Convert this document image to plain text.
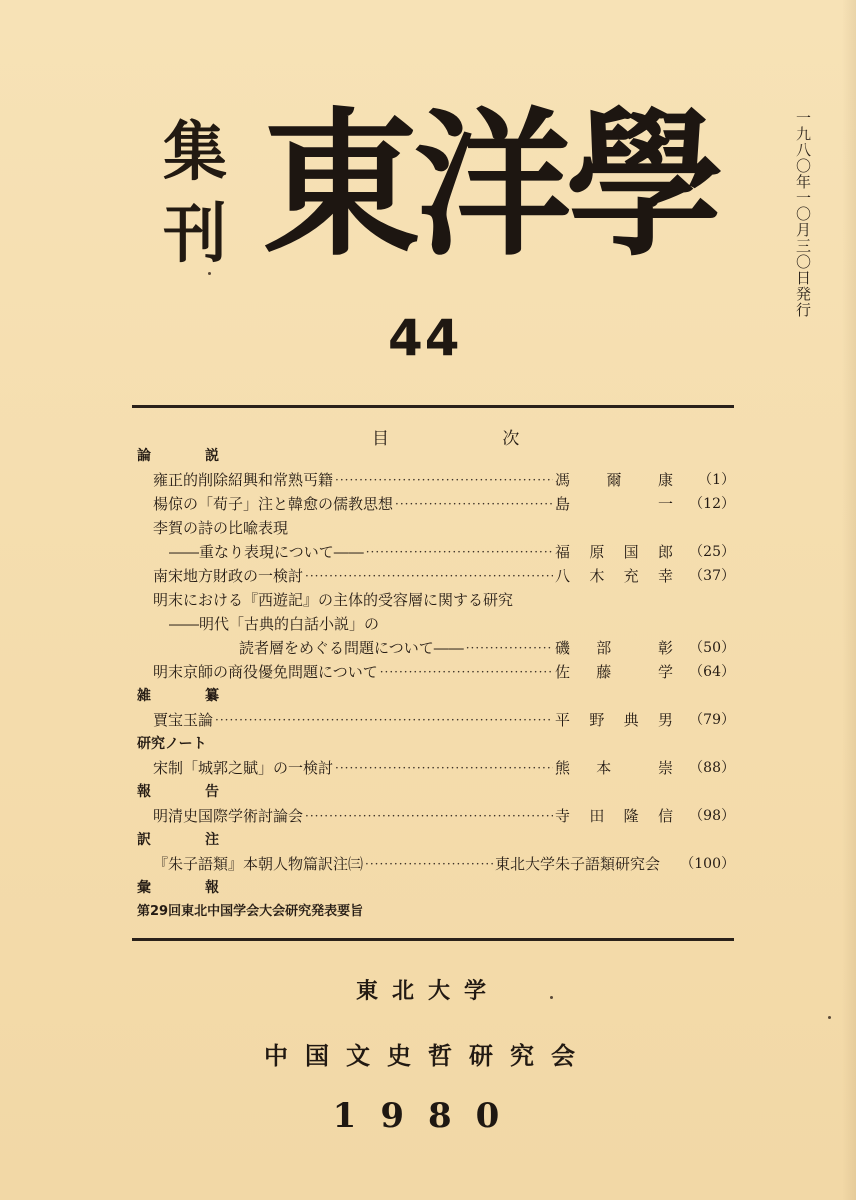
集
刊 東洋學	一九八〇年一〇月三〇日発行
44
目	次
論　説
雍正的削除紹興和常熟丐籍 ·····	馮　爾　康	（1）
楊倞の「荀子」注と韓愈の儒教思想 ·····	島　　　一	（12）
李賀の詩の比喩表現
――重なり表現について―― ·····	福原国郎	（25）
南宋地方財政の一検討 ·····	八木充幸	（37）
明末における『西遊記』の主体的受容層に関する研究
――明代「古典的白話小説」の
読者層をめぐる問題について―― ·····	磯　部　　彰	（50）
明末京師の商役優免問題について ·····	佐　藤　　学	（64）
雑　纂
賈宝玉論 ·····	平野典男	（79）
研究ノート
宋制「城郭之賦」の一検討 ·····	熊　本　　崇	（88）
報　告
明清史国際学術討論会 ·····	寺田隆信	（98）
訳　注
『朱子語類』本朝人物篇訳注㈢ ·····	東北大学朱子語類研究会	（100）
彙　報
第29回東北中国学会大会研究発表要旨
東北大学
中国文史哲研究会
1980
